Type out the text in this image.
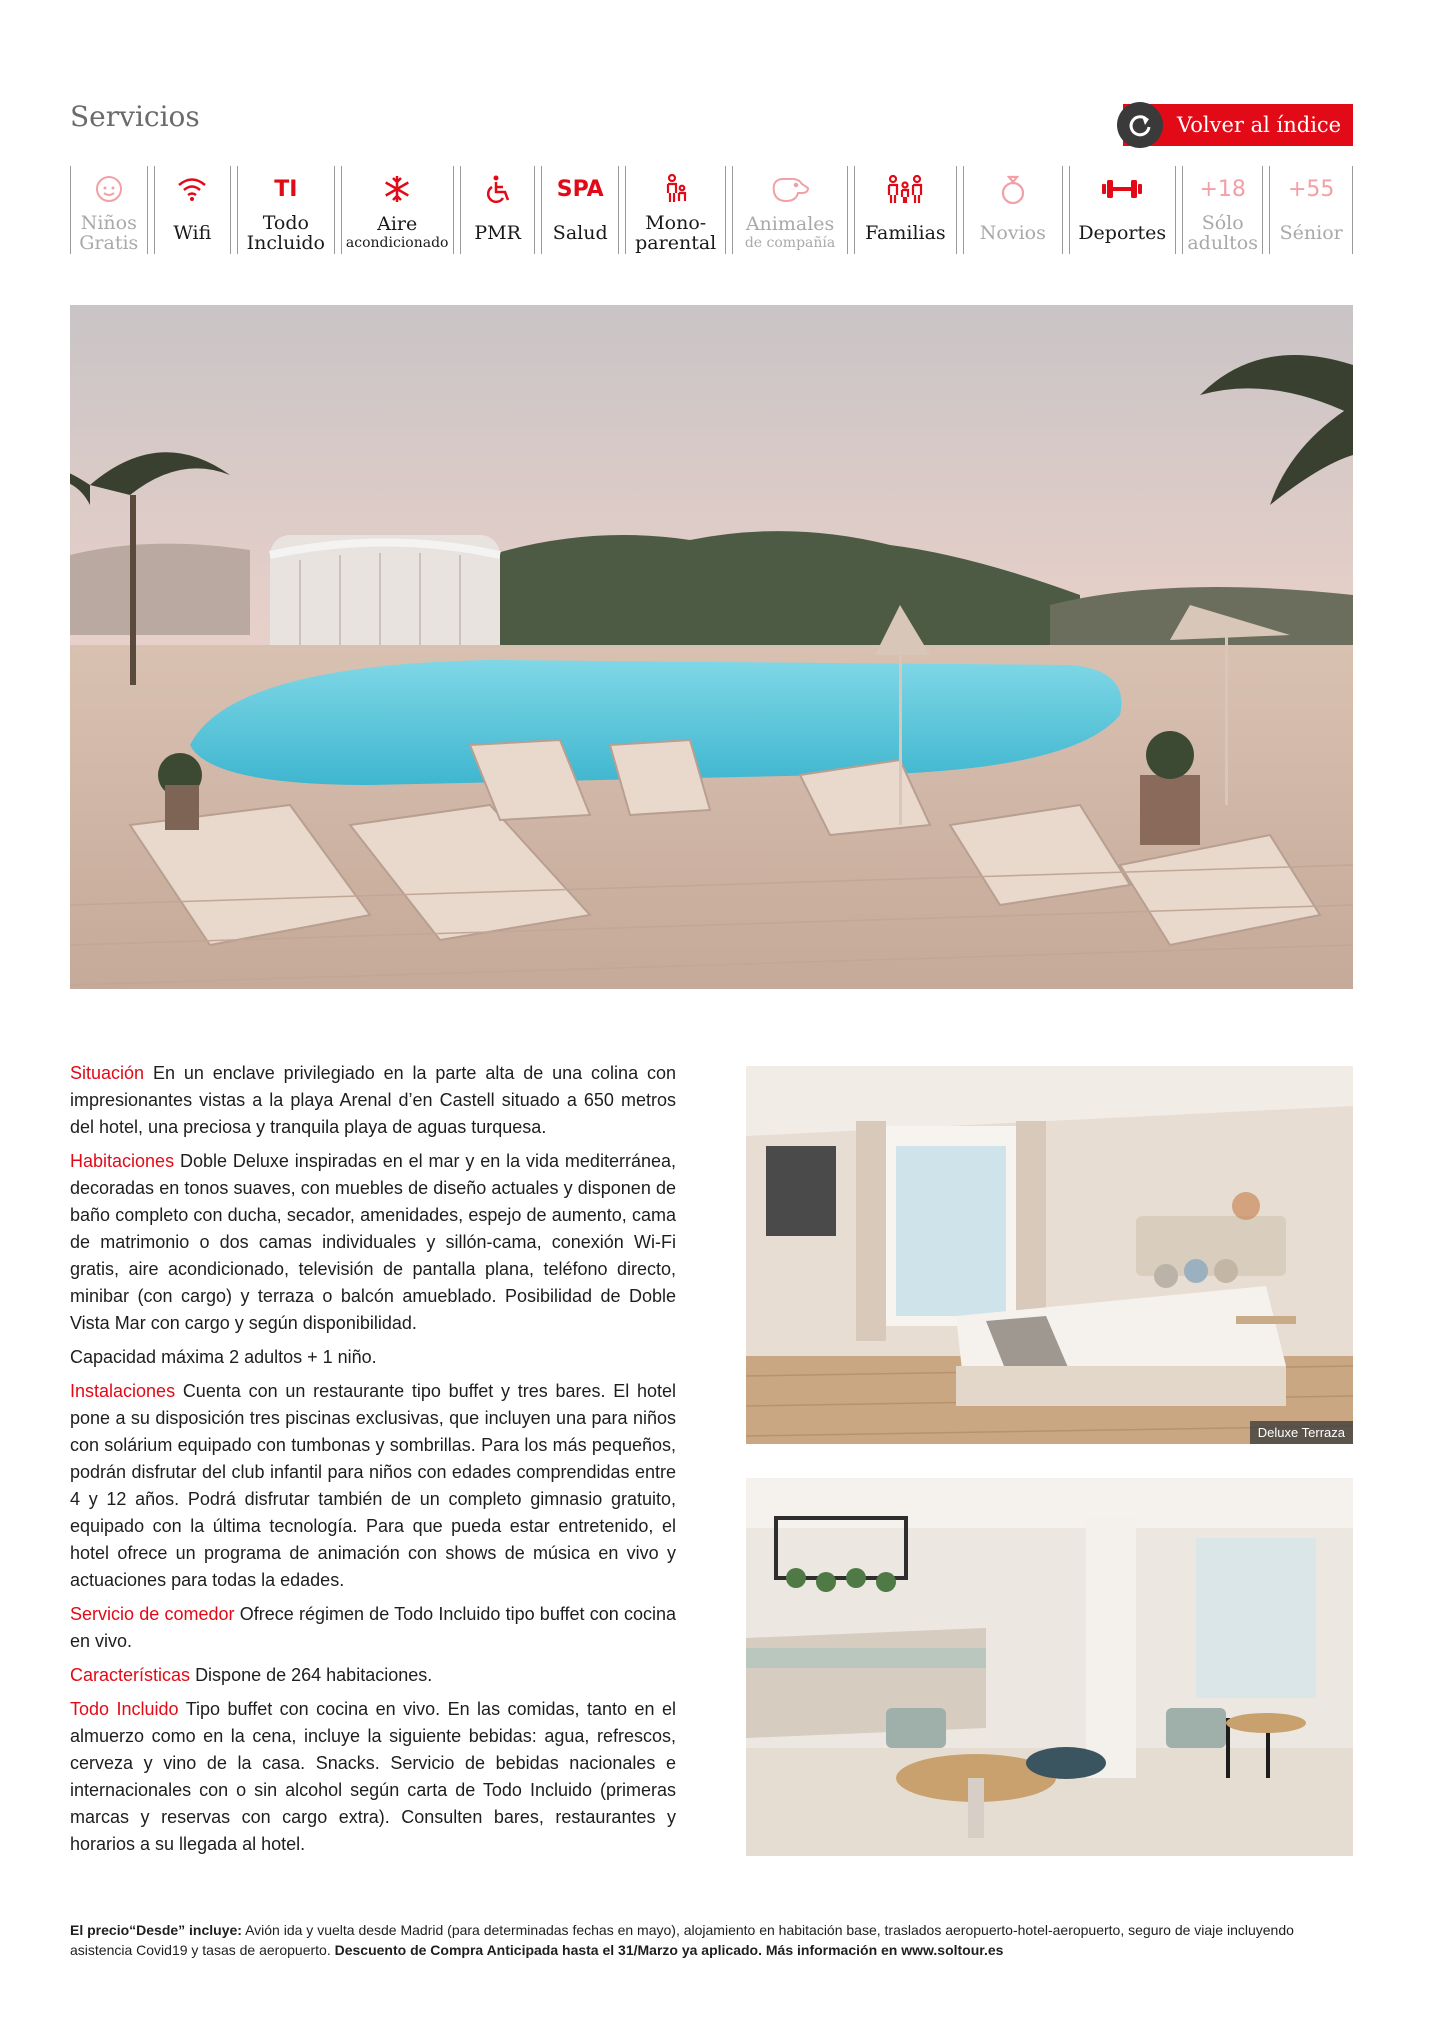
Servicios	Volver al índice
Niños
Gratis Wifi
TI
Todo
Incluido
Aire
acondicionado PMR
SPA
Salud Mono-
parental
Animales
de compañía Familias Novios Deportes
+18
Sólo
adultos
+55
Sénior

Situación En un enclave privilegiado en la parte alta de una colina con impresionantes vistas a la playa Arenal d’en Castell situado a 650 metros del hotel, una preciosa y tranquila playa de aguas turquesa.

Habitaciones Doble Deluxe inspiradas en el mar y en la vida mediterránea, decoradas en tonos suaves, con muebles de diseño actuales y disponen de baño completo con ducha, secador, amenidades, espejo de aumento, cama de matrimonio o dos camas individuales y sillón-cama, conexión Wi-Fi gratis, aire acondicionado, televisión de pantalla plana, teléfono directo, minibar (con cargo) y terraza o balcón amueblado. Posibilidad de Doble Vista Mar con cargo y según disponibilidad.

Capacidad máxima 2 adultos + 1 niño.

Instalaciones Cuenta con un restaurante tipo buffet y tres bares. El hotel pone a su disposición tres piscinas exclusivas, que incluyen una para niños con solárium equipado con tumbonas y sombrillas. Para los más pequeños, podrán disfrutar del club infantil para niños con edades comprendidas entre 4 y 12 años. Podrá disfrutar también de un completo gimnasio gratuito, equipado con la última tecnología. Para que pueda estar entretenido, el hotel ofrece un programa de animación con shows de música en vivo y actuaciones para todas la edades.

Servicio de comedor Ofrece régimen de Todo Incluido tipo buffet con cocina en vivo.

Características Dispone de 264 habitaciones.

Todo Incluido Tipo buffet con cocina en vivo. En las comidas, tanto en el almuerzo como en la cena, incluye la siguiente bebidas: agua, refrescos, cerveza y vino de la casa. Snacks. Servicio de bebidas nacionales e internacionales con o sin alcohol según carta de Todo Incluido (primeras marcas y reservas con cargo extra). Consulten bares, restaurantes y horarios a su llegada al hotel.

Deluxe Terraza
El precio“Desde” incluye: Avión ida y vuelta desde Madrid (para determinadas fechas en mayo), alojamiento en habitación base, traslados aeropuerto-hotel-aeropuerto, seguro de viaje incluyendo asistencia Covid19 y tasas de aeropuerto. Descuento de Compra Anticipada hasta el 31/Marzo ya aplicado. Más información en www.soltour.es
